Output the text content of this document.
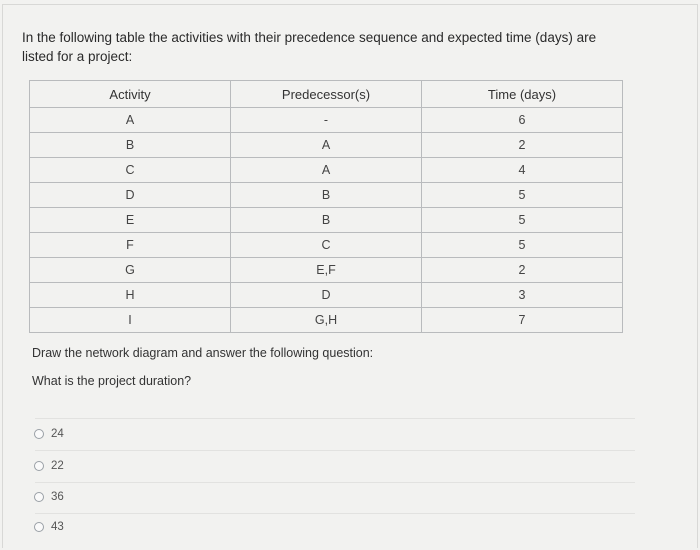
In the following table the activities with their precedence sequence and expected time (days) are listed for a project:
Activity	Predecessor(s)	Time (days)
A	-	6
B	A	2
C	A	4
D	B	5
E	B	5
F	C	5
G	E,F	2
H	D	3
I	G,H	7
Draw the network diagram and answer the following question:
What is the project duration?
24
22
36
43
